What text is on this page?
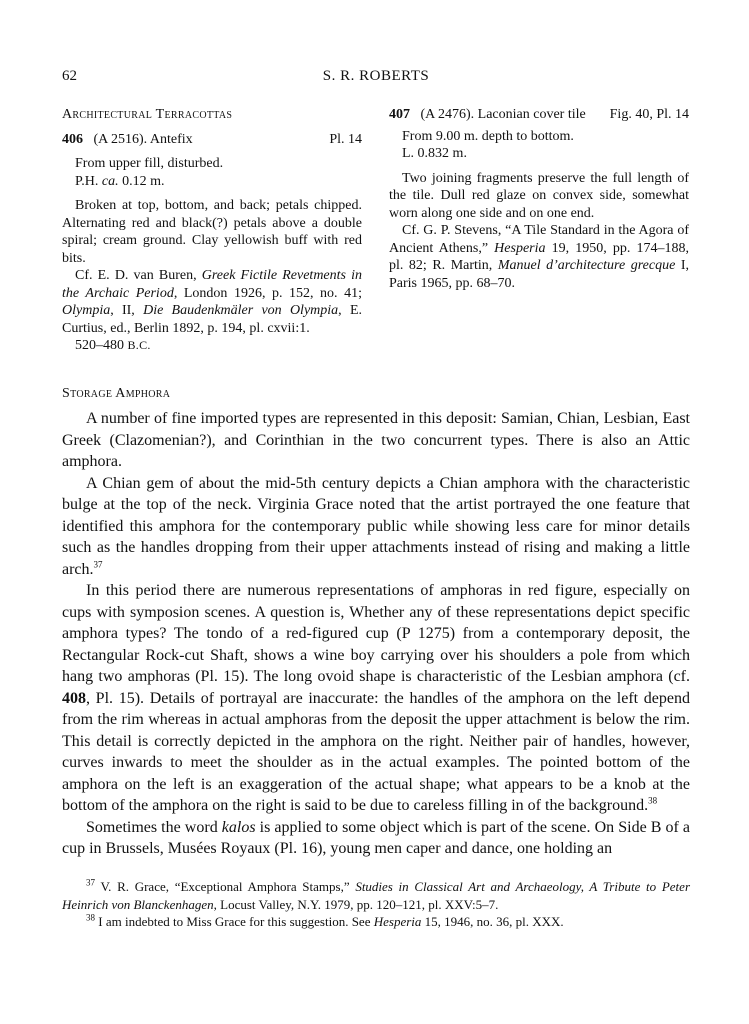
62	S. R. ROBERTS
Architectural Terracottas
406 (A 2516). Antefix	Pl. 14

From upper fill, disturbed.

P.H. ca. 0.12 m.

Broken at top, bottom, and back; petals chipped. Alternating red and black(?) petals above a double spiral; cream ground. Clay yellowish buff with red bits.

Cf. E. D. van Buren, Greek Fictile Revetments in the Archaic Period, London 1926, p. 152, no. 41; Olympia, II, Die Baudenkmäler von Olympia, E. Curtius, ed., Berlin 1892, p. 194, pl. cxvii:1.

520–480 B.C.

407 (A 2476). Laconian cover tile Fig. 40, Pl. 14

From 9.00 m. depth to bottom.

L. 0.832 m.

Two joining fragments preserve the full length of the tile. Dull red glaze on convex side, somewhat worn along one side and on one end.

Cf. G. P. Stevens, “A Tile Standard in the Agora of Ancient Athens,” Hesperia 19, 1950, pp. 174–188, pl. 82; R. Martin, Manuel d’architecture grecque I, Paris 1965, pp. 68–70.

Storage Amphora

A number of fine imported types are represented in this deposit: Samian, Chian, Lesbian, East Greek (Clazomenian?), and Corinthian in the two concurrent types. There is also an Attic amphora.

A Chian gem of about the mid-5th century depicts a Chian amphora with the characteristic bulge at the top of the neck. Virginia Grace noted that the artist portrayed the one feature that identified this amphora for the contemporary public while showing less care for minor details such as the handles dropping from their upper attachments instead of rising and making a little arch.$^{37}$

In this period there are numerous representations of amphoras in red figure, especially on cups with symposion scenes. A question is, Whether any of these representations depict specific amphora types? The tondo of a red-figured cup (P 1275) from a contemporary deposit, the Rectangular Rock-cut Shaft, shows a wine boy carrying over his shoulders a pole from which hang two amphoras (Pl. 15). The long ovoid shape is characteristic of the Lesbian amphora (cf. 408, Pl. 15). Details of portrayal are inaccurate: the handles of the amphora on the left depend from the rim whereas in actual amphoras from the deposit the upper attachment is below the rim. This detail is correctly depicted in the amphora on the right. Neither pair of handles, however, curves inwards to meet the shoulder as in the actual examples. The pointed bottom of the amphora on the left is an exaggeration of the actual shape; what appears to be a knob at the bottom of the amphora on the right is said to be due to careless filling in of the background.$^{38}$

Sometimes the word kalos is applied to some object which is part of the scene. On Side B of a cup in Brussels, Musées Royaux (Pl. 16), young men caper and dance, one holding an

$^{37}$ V. R. Grace, “Exceptional Amphora Stamps,” Studies in Classical Art and Archaeology, A Tribute to Peter Heinrich von Blanckenhagen, Locust Valley, N.Y. 1979, pp. 120–121, pl. XXV:5–7.

$^{38}$ I am indebted to Miss Grace for this suggestion. See Hesperia 15, 1946, no. 36, pl. XXX.
